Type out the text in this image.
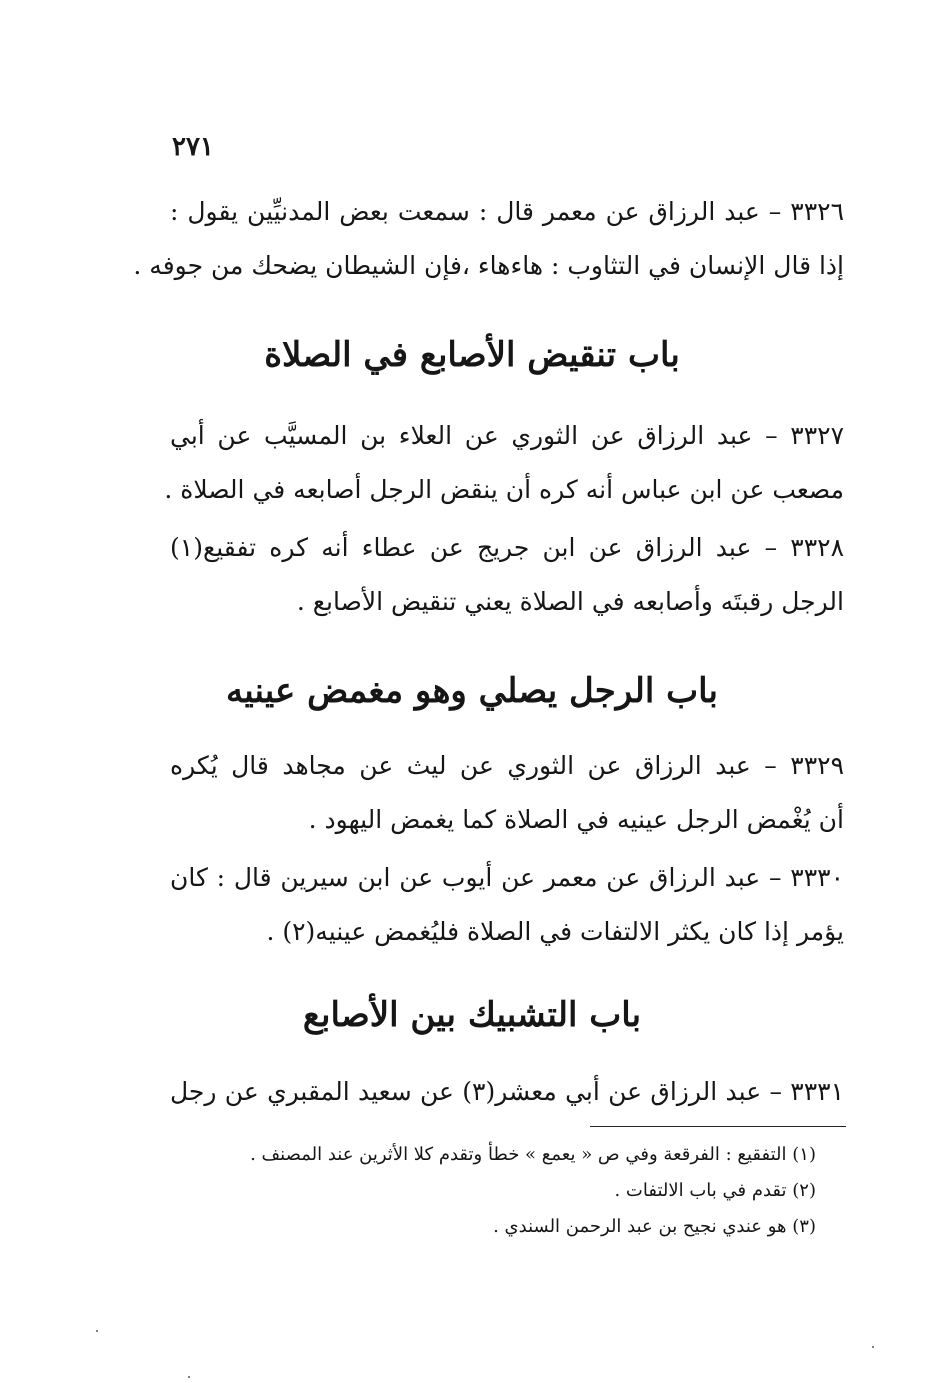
٢٧١
٣٣٢٦ – عبد الرزاق عن معمر قال : سمعت بعض المدنيِّين يقول :
إذا قال الإنسان في التثاوب : هاءهاء ،فإن الشيطان يضحك من جوفه .
باب تنقيض الأصابع في الصلاة
٣٣٢٧ – عبد الرزاق عن الثوري عن العلاء بن المسيَّب عن أبي
مصعب عن ابن عباس أنه كره أن ينقض الرجل أصابعه في الصلاة .
٣٣٢٨ – عبد الرزاق عن ابن جريج عن عطاء أنه كره تفقيع(١)
الرجل رقبتَه وأصابعه في الصلاة يعني تنقيض الأصابع .
باب الرجل يصلي وهو مغمض عينيه
٣٣٢٩ – عبد الرزاق عن الثوري عن ليث عن مجاهد قال يُكره
أن يُغْمض الرجل عينيه في الصلاة كما يغمض اليهود .
٣٣٣٠ – عبد الرزاق عن معمر عن أيوب عن ابن سيرين قال : كان
يؤمر إذا كان يكثر الالتفات في الصلاة فليُغمض عينيه(٢) .
باب التشبيك بين الأصابع
٣٣٣١ – عبد الرزاق عن أبي معشر(٣) عن سعيد المقبري عن رجل
(١) التفقيع : الفرقعة وفي ص « يعمع » خطأ وتقدم كلا الأثرين عند المصنف .
(٢) تقدم في باب الالتفات .
(٣) هو عندي نجيح بن عبد الرحمن السندي .
